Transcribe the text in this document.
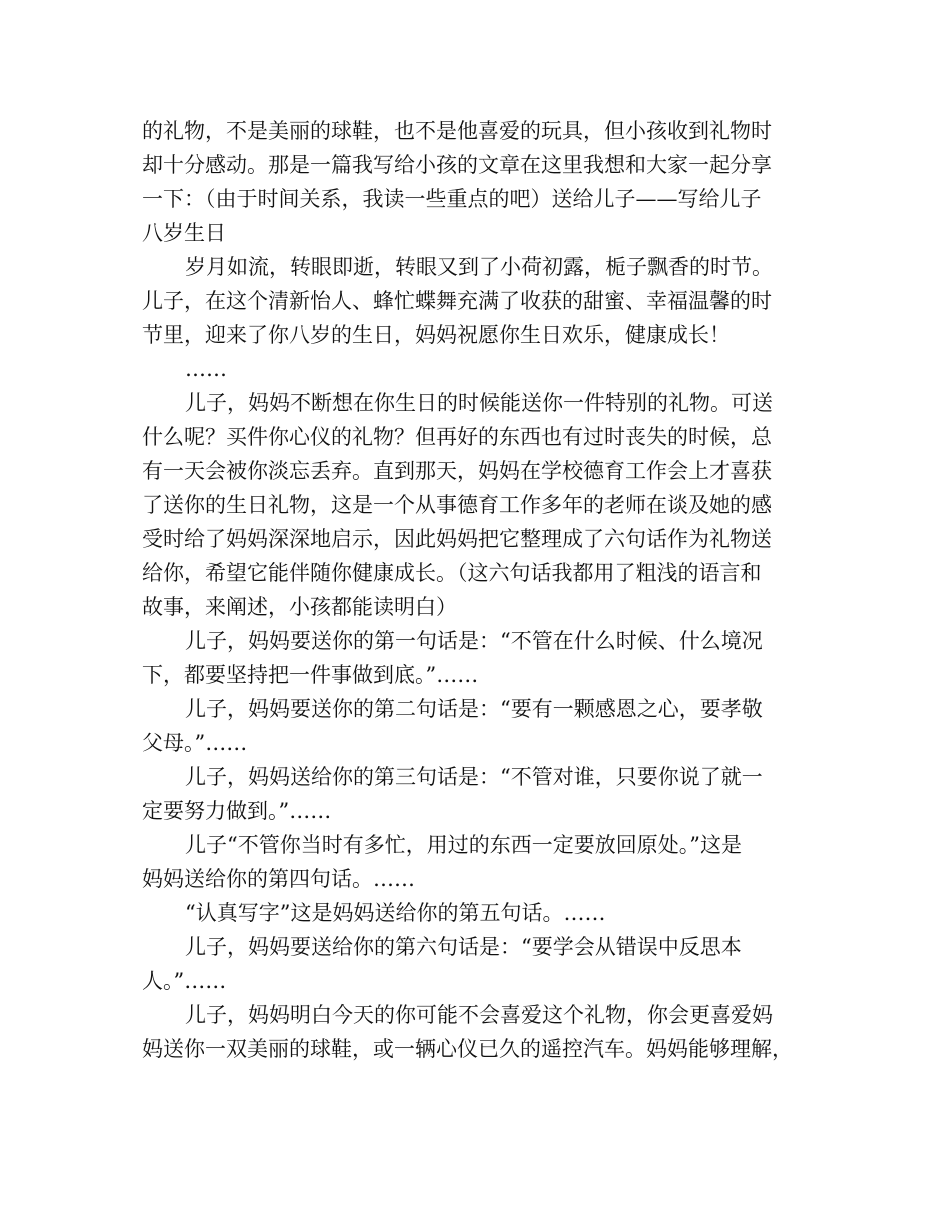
的礼物，不是美丽的球鞋，也不是他喜爱的玩具，但小孩收到礼物时
却十分感动。那是一篇我写给小孩的文章在这里我想和大家一起分享
一下：（由于时间关系，我读一些重点的吧）送给儿子——写给儿子
八岁生日
岁月如流，转眼即逝，转眼又到了小荷初露，栀子飘香的时节。
儿子，在这个清新怡人、蜂忙蝶舞充满了收获的甜蜜、幸福温馨的时
节里，迎来了你八岁的生日，妈妈祝愿你生日欢乐，健康成长！
……
儿子，妈妈不断想在你生日的时候能送你一件特别的礼物。可送
什么呢？买件你心仪的礼物？但再好的东西也有过时丧失的时候，总
有一天会被你淡忘丢弃。直到那天，妈妈在学校德育工作会上才喜获
了送你的生日礼物，这是一个从事德育工作多年的老师在谈及她的感
受时给了妈妈深深地启示，因此妈妈把它整理成了六句话作为礼物送
给你，希望它能伴随你健康成长。（这六句话我都用了粗浅的语言和
故事，来阐述，小孩都能读明白）
儿子，妈妈要送你的第一句话是：“不管在什么时候、什么境况
下，都要坚持把一件事做到底。”……
儿子，妈妈要送你的第二句话是：“要有一颗感恩之心，要孝敬
父母。”……
儿子，妈妈送给你的第三句话是：“不管对谁，只要你说了就一
定要努力做到。”……
儿子“不管你当时有多忙，用过的东西一定要放回原处。”这是
妈妈送给你的第四句话。……
“认真写字”这是妈妈送给你的第五句话。……
儿子，妈妈要送给你的第六句话是：“要学会从错误中反思本
人。”……
儿子，妈妈明白今天的你可能不会喜爱这个礼物，你会更喜爱妈
妈送你一双美丽的球鞋，或一辆心仪已久的遥控汽车。妈妈能够理解，
